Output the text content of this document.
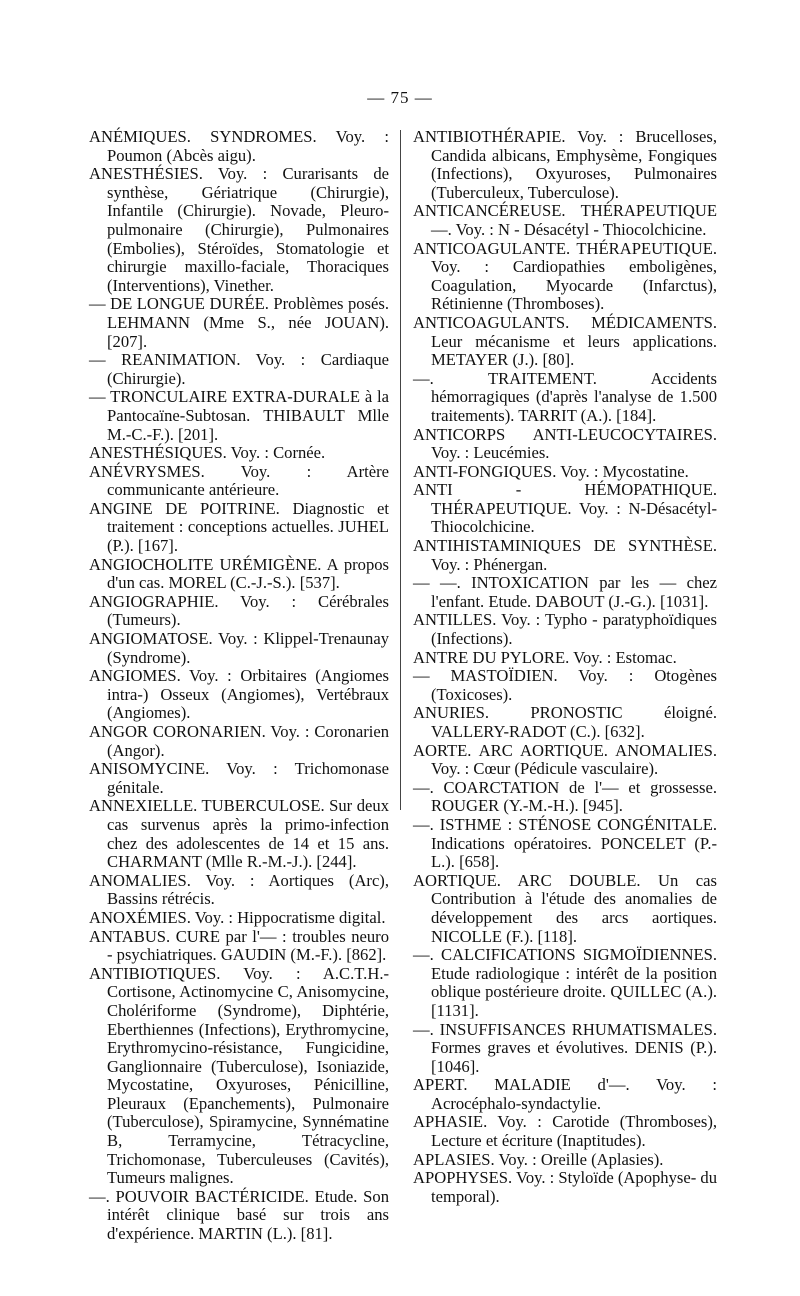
— 75 —

ANÉMIQUES. SYNDROMES. Voy. : Poumon (Abcès aigu).

ANESTHÉSIES. Voy. : Curarisants de synthèse, Gériatrique (Chirurgie), Infantile (Chirurgie). Novade, Pleuro-pulmonaire (Chirurgie), Pulmonaires (Embolies), Stéroïdes, Stomatologie et chirurgie maxillo-faciale, Thoraciques (Interventions), Vinether.

— DE LONGUE DURÉE. Problèmes posés. LEHMANN (Mme S., née JOUAN). [207].

— REANIMATION. Voy. : Cardiaque (Chirurgie).

— TRONCULAIRE EXTRA-DURALE à la Pantocaïne-Subtosan. THIBAULT Mlle M.-C.-F.). [201].

ANESTHÉSIQUES. Voy. : Cornée.

ANÉVRYSMES. Voy. : Artère communicante antérieure.

ANGINE DE POITRINE. Diagnostic et traitement : conceptions actuelles. JUHEL (P.). [167].

ANGIOCHOLITE URÉMIGÈNE. A propos d'un cas. MOREL (C.-J.-S.). [537].

ANGIOGRAPHIE. Voy. : Cérébrales (Tumeurs).

ANGIOMATOSE. Voy. : Klippel-Trenaunay (Syndrome).

ANGIOMES. Voy. : Orbitaires (Angiomes intra-) Osseux (Angiomes), Vertébraux (Angiomes).

ANGOR CORONARIEN. Voy. : Coronarien (Angor).

ANISOMYCINE. Voy. : Trichomonase génitale.

ANNEXIELLE. TUBERCULOSE. Sur deux cas survenus après la primo-infection chez des adolescentes de 14 et 15 ans. CHARMANT (Mlle R.-M.-J.). [244].

ANOMALIES. Voy. : Aortiques (Arc), Bassins rétrécis.

ANOXÉMIES. Voy. : Hippocratisme digital.

ANTABUS. CURE par l'— : troubles neuro - psychiatriques. GAUDIN (M.-F.). [862].

ANTIBIOTIQUES. Voy. : A.C.T.H.- Cortisone, Actinomycine C, Anisomycine, Cholériforme (Syndrome), Diphtérie, Eberthiennes (Infections), Erythromycine, Erythromycino-résistance, Fungicidine, Ganglionnaire (Tuberculose), Isoniazide, Mycostatine, Oxyuroses, Pénicilline, Pleuraux (Epanchements), Pulmonaire (Tuberculose), Spiramycine, Synnématine B, Terramycine, Tétracycline, Trichomonase, Tuberculeuses (Cavités), Tumeurs malignes.

—. POUVOIR BACTÉRICIDE. Etude. Son intérêt clinique basé sur trois ans d'expérience. MARTIN (L.). [81].

ANTIBIOTHÉRAPIE. Voy. : Brucelloses, Candida albicans, Emphysème, Fongiques (Infections), Oxyuroses, Pulmonaires (Tuberculeux, Tuberculose).

ANTICANCÉREUSE. THÉRAPEUTIQUE —. Voy. : N - Désacétyl - Thiocolchicine.

ANTICOAGULANTE. THÉRAPEUTIQUE. Voy. : Cardiopathies emboligènes, Coagulation, Myocarde (Infarctus), Rétinienne (Thromboses).

ANTICOAGULANTS. MÉDICAMENTS. Leur mécanisme et leurs applications. METAYER (J.). [80].

—. TRAITEMENT. Accidents hémorragiques (d'après l'analyse de 1.500 traitements). TARRIT (A.). [184].

ANTICORPS ANTI-LEUCOCYTAIRES. Voy. : Leucémies.

ANTI-FONGIQUES. Voy. : Mycostatine.

ANTI - HÉMOPATHIQUE. THÉRAPEUTIQUE. Voy. : N-Désacétyl-Thiocolchicine.

ANTIHISTAMINIQUES DE SYNTHÈSE. Voy. : Phénergan.

— —. INTOXICATION par les — chez l'enfant. Etude. DABOUT (J.-G.). [1031].

ANTILLES. Voy. : Typho - paratyphoïdiques (Infections).

ANTRE DU PYLORE. Voy. : Estomac.

— MASTOÏDIEN. Voy. : Otogènes (Toxicoses).

ANURIES. PRONOSTIC éloigné. VALLERY-RADOT (C.). [632].

AORTE. ARC AORTIQUE. ANOMALIES. Voy. : Cœur (Pédicule vasculaire).

—. COARCTATION de l'— et grossesse. ROUGER (Y.-M.-H.). [945].

—. ISTHME : STÉNOSE CONGÉNITALE. Indications opératoires. PONCELET (P.-L.). [658].

AORTIQUE. ARC DOUBLE. Un cas Contribution à l'étude des anomalies de développement des arcs aortiques. NICOLLE (F.). [118].

—. CALCIFICATIONS SIGMOÏDIENNES. Etude radiologique : intérêt de la position oblique postérieure droite. QUILLEC (A.). [1131].

—. INSUFFISANCES RHUMATISMALES. Formes graves et évolutives. DENIS (P.). [1046].

APERT. MALADIE d'—. Voy. : Acrocéphalo-syndactylie.

APHASIE. Voy. : Carotide (Thromboses), Lecture et écriture (Inaptitudes).

APLASIES. Voy. : Oreille (Aplasies).

APOPHYSES. Voy. : Styloïde (Apophyse- du temporal).
